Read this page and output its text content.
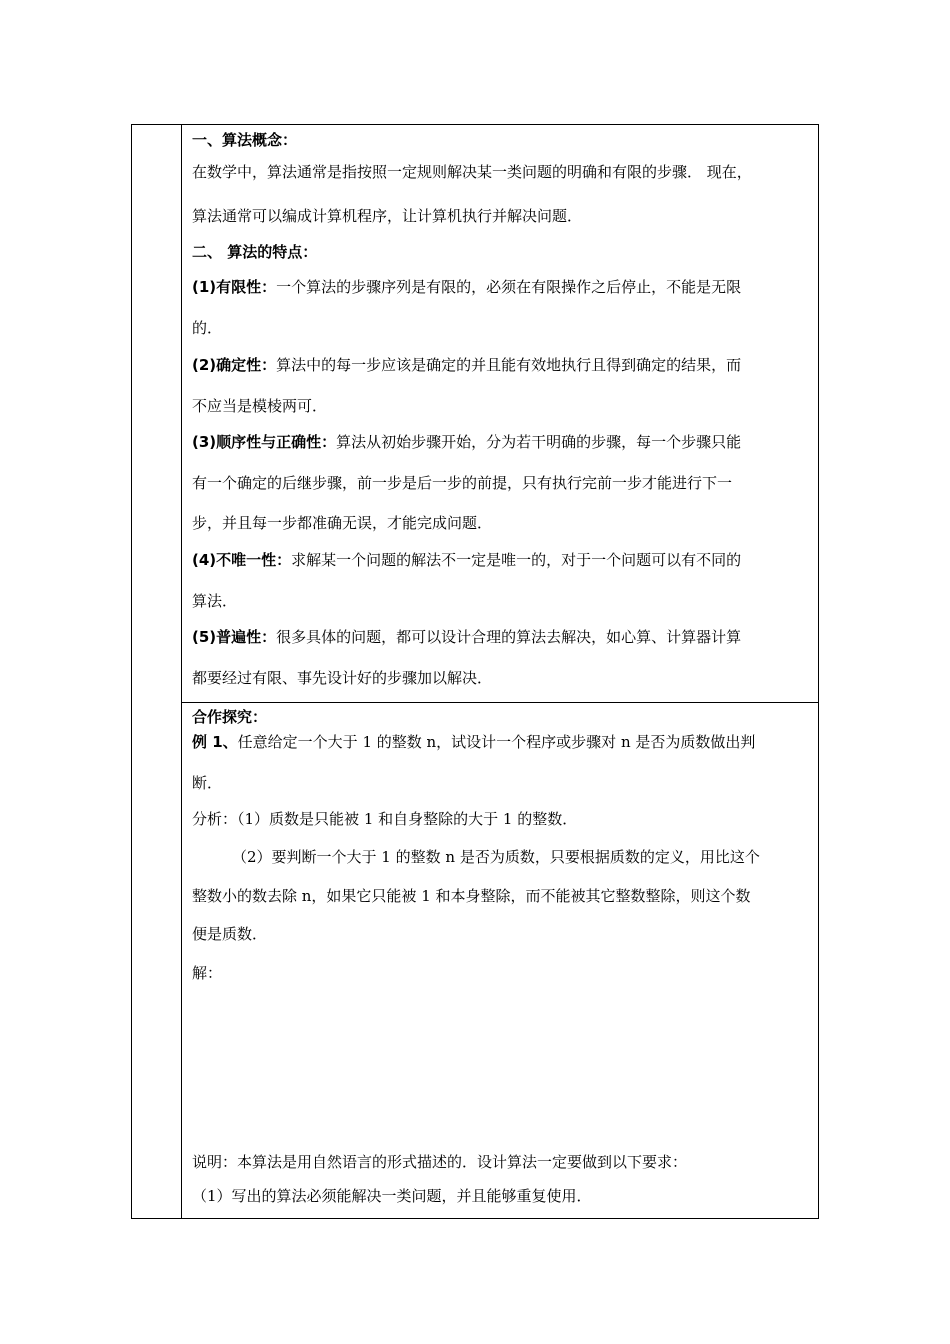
一、算法概念：
在数学中，算法通常是指按照一定规则解决某一类问题的明确和有限的步骤． 现在，
算法通常可以编成计算机程序，让计算机执行并解决问题．
二、 算法的特点：
(1)有限性：一个算法的步骤序列是有限的，必须在有限操作之后停止，不能是无限
的．
(2)确定性：算法中的每一步应该是确定的并且能有效地执行且得到确定的结果，而
不应当是模棱两可．
(3)顺序性与正确性：算法从初始步骤开始，分为若干明确的步骤，每一个步骤只能
有一个确定的后继步骤，前一步是后一步的前提，只有执行完前一步才能进行下一
步，并且每一步都准确无误，才能完成问题．
(4)不唯一性：求解某一个问题的解法不一定是唯一的，对于一个问题可以有不同的
算法．
(5)普遍性：很多具体的问题，都可以设计合理的算法去解决，如心算、计算器计算
都要经过有限、事先设计好的步骤加以解决．
合作探究：
例 1、任意给定一个大于 1 的整数 n，试设计一个程序或步骤对 n 是否为质数做出判
断．
分析：（1）质数是只能被 1 和自身整除的大于 1 的整数．
（2）要判断一个大于 1 的整数 n 是否为质数，只要根据质数的定义，用比这个
整数小的数去除 n，如果它只能被 1 和本身整除，而不能被其它整数整除，则这个数
便是质数．
解：
说明：本算法是用自然语言的形式描述的．设计算法一定要做到以下要求：
（1）写出的算法必须能解决一类问题，并且能够重复使用．
